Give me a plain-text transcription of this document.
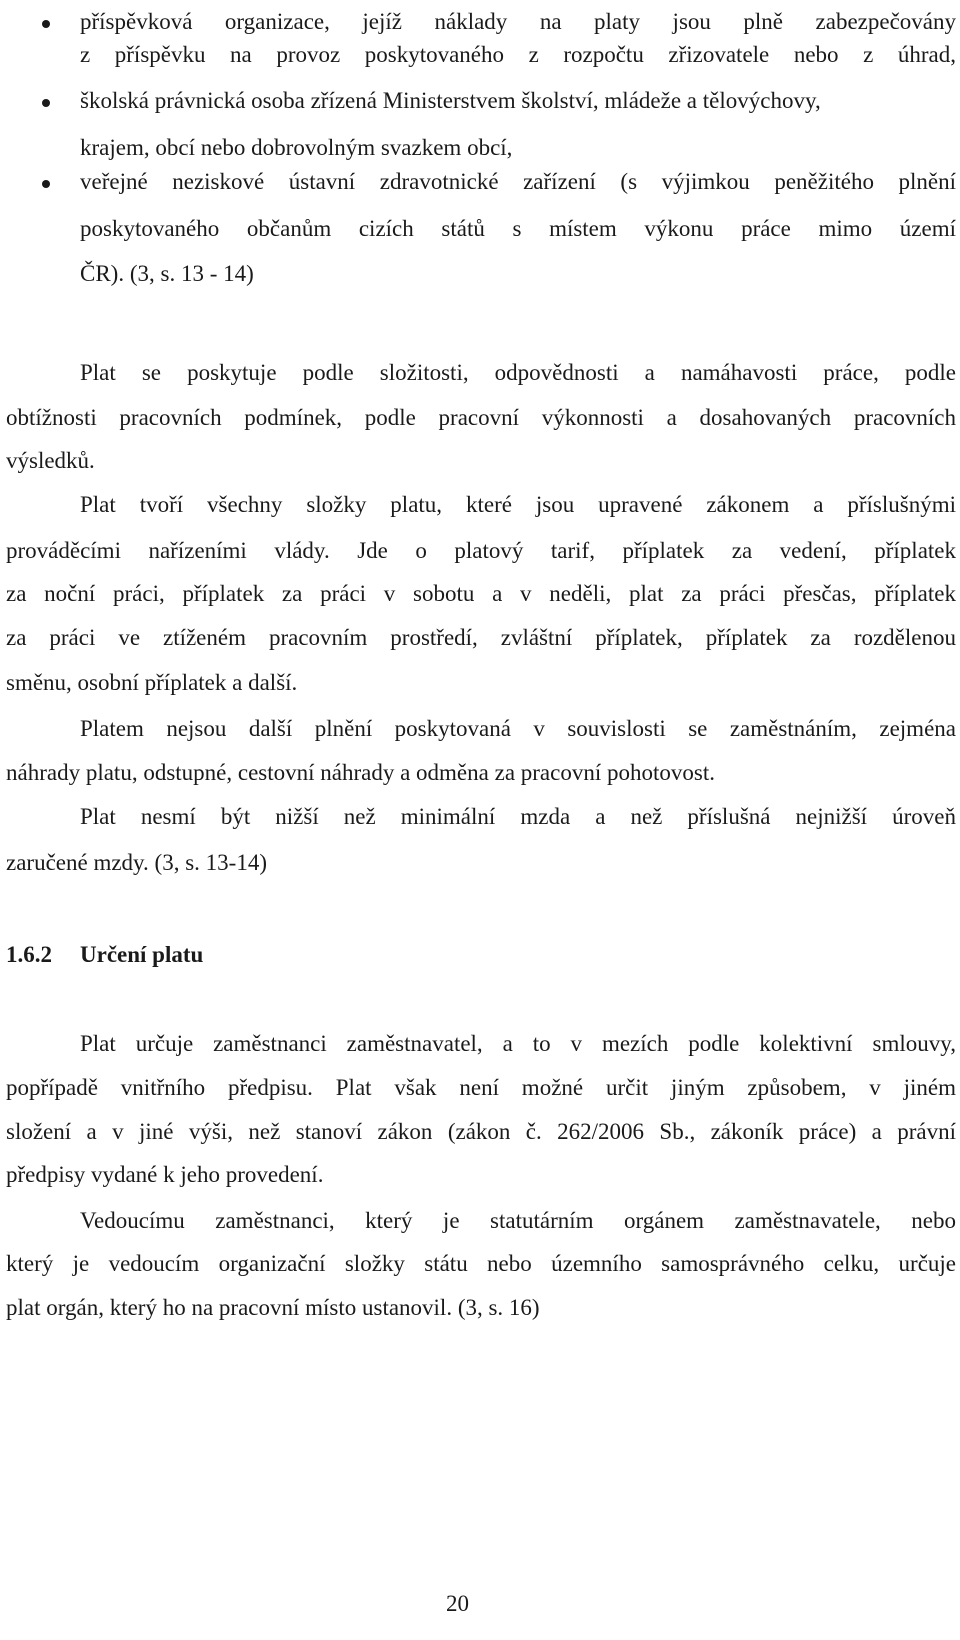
příspěvková organizace, jejíž náklady na platy jsou plně zabezpečovány
z příspěvku na provoz poskytovaného z rozpočtu zřizovatele nebo z úhrad,
školská právnická osoba zřízená Ministerstvem školství, mládeže a tělovýchovy,
krajem, obcí nebo dobrovolným svazkem obcí,
veřejné neziskové ústavní zdravotnické zařízení (s výjimkou peněžitého plnění
poskytovaného občanům cizích států s místem výkonu práce mimo území
ČR). (3, s. 13 - 14)
Plat se poskytuje podle složitosti, odpovědnosti a namáhavosti práce, podle
obtížnosti pracovních podmínek, podle pracovní výkonnosti a dosahovaných pracovních
výsledků.
Plat tvoří všechny složky platu, které jsou upravené zákonem a příslušnými
prováděcími nařízeními vlády. Jde o platový tarif, příplatek za vedení, příplatek
za noční práci, příplatek za práci v sobotu a v neděli, plat za práci přesčas, příplatek
za práci ve ztíženém pracovním prostředí, zvláštní příplatek, příplatek za rozdělenou
směnu, osobní příplatek a další.
Platem nejsou další plnění poskytovaná v souvislosti se zaměstnáním, zejména
náhrady platu, odstupné, cestovní náhrady a odměna za pracovní pohotovost.
Plat nesmí být nižší než minimální mzda a než příslušná nejnižší úroveň
zaručené mzdy. (3, s. 13-14)
1.6.2 Určení platu
Plat určuje zaměstnanci zaměstnavatel, a to v mezích podle kolektivní smlouvy,
popřípadě vnitřního předpisu. Plat však není možné určit jiným způsobem, v jiném
složení a v jiné výši, než stanoví zákon (zákon č. 262/2006 Sb., zákoník práce) a právní
předpisy vydané k jeho provedení.
Vedoucímu zaměstnanci, který je statutárním orgánem zaměstnavatele, nebo
který je vedoucím organizační složky státu nebo územního samosprávného celku, určuje
plat orgán, který ho na pracovní místo ustanovil. (3, s. 16)
20
